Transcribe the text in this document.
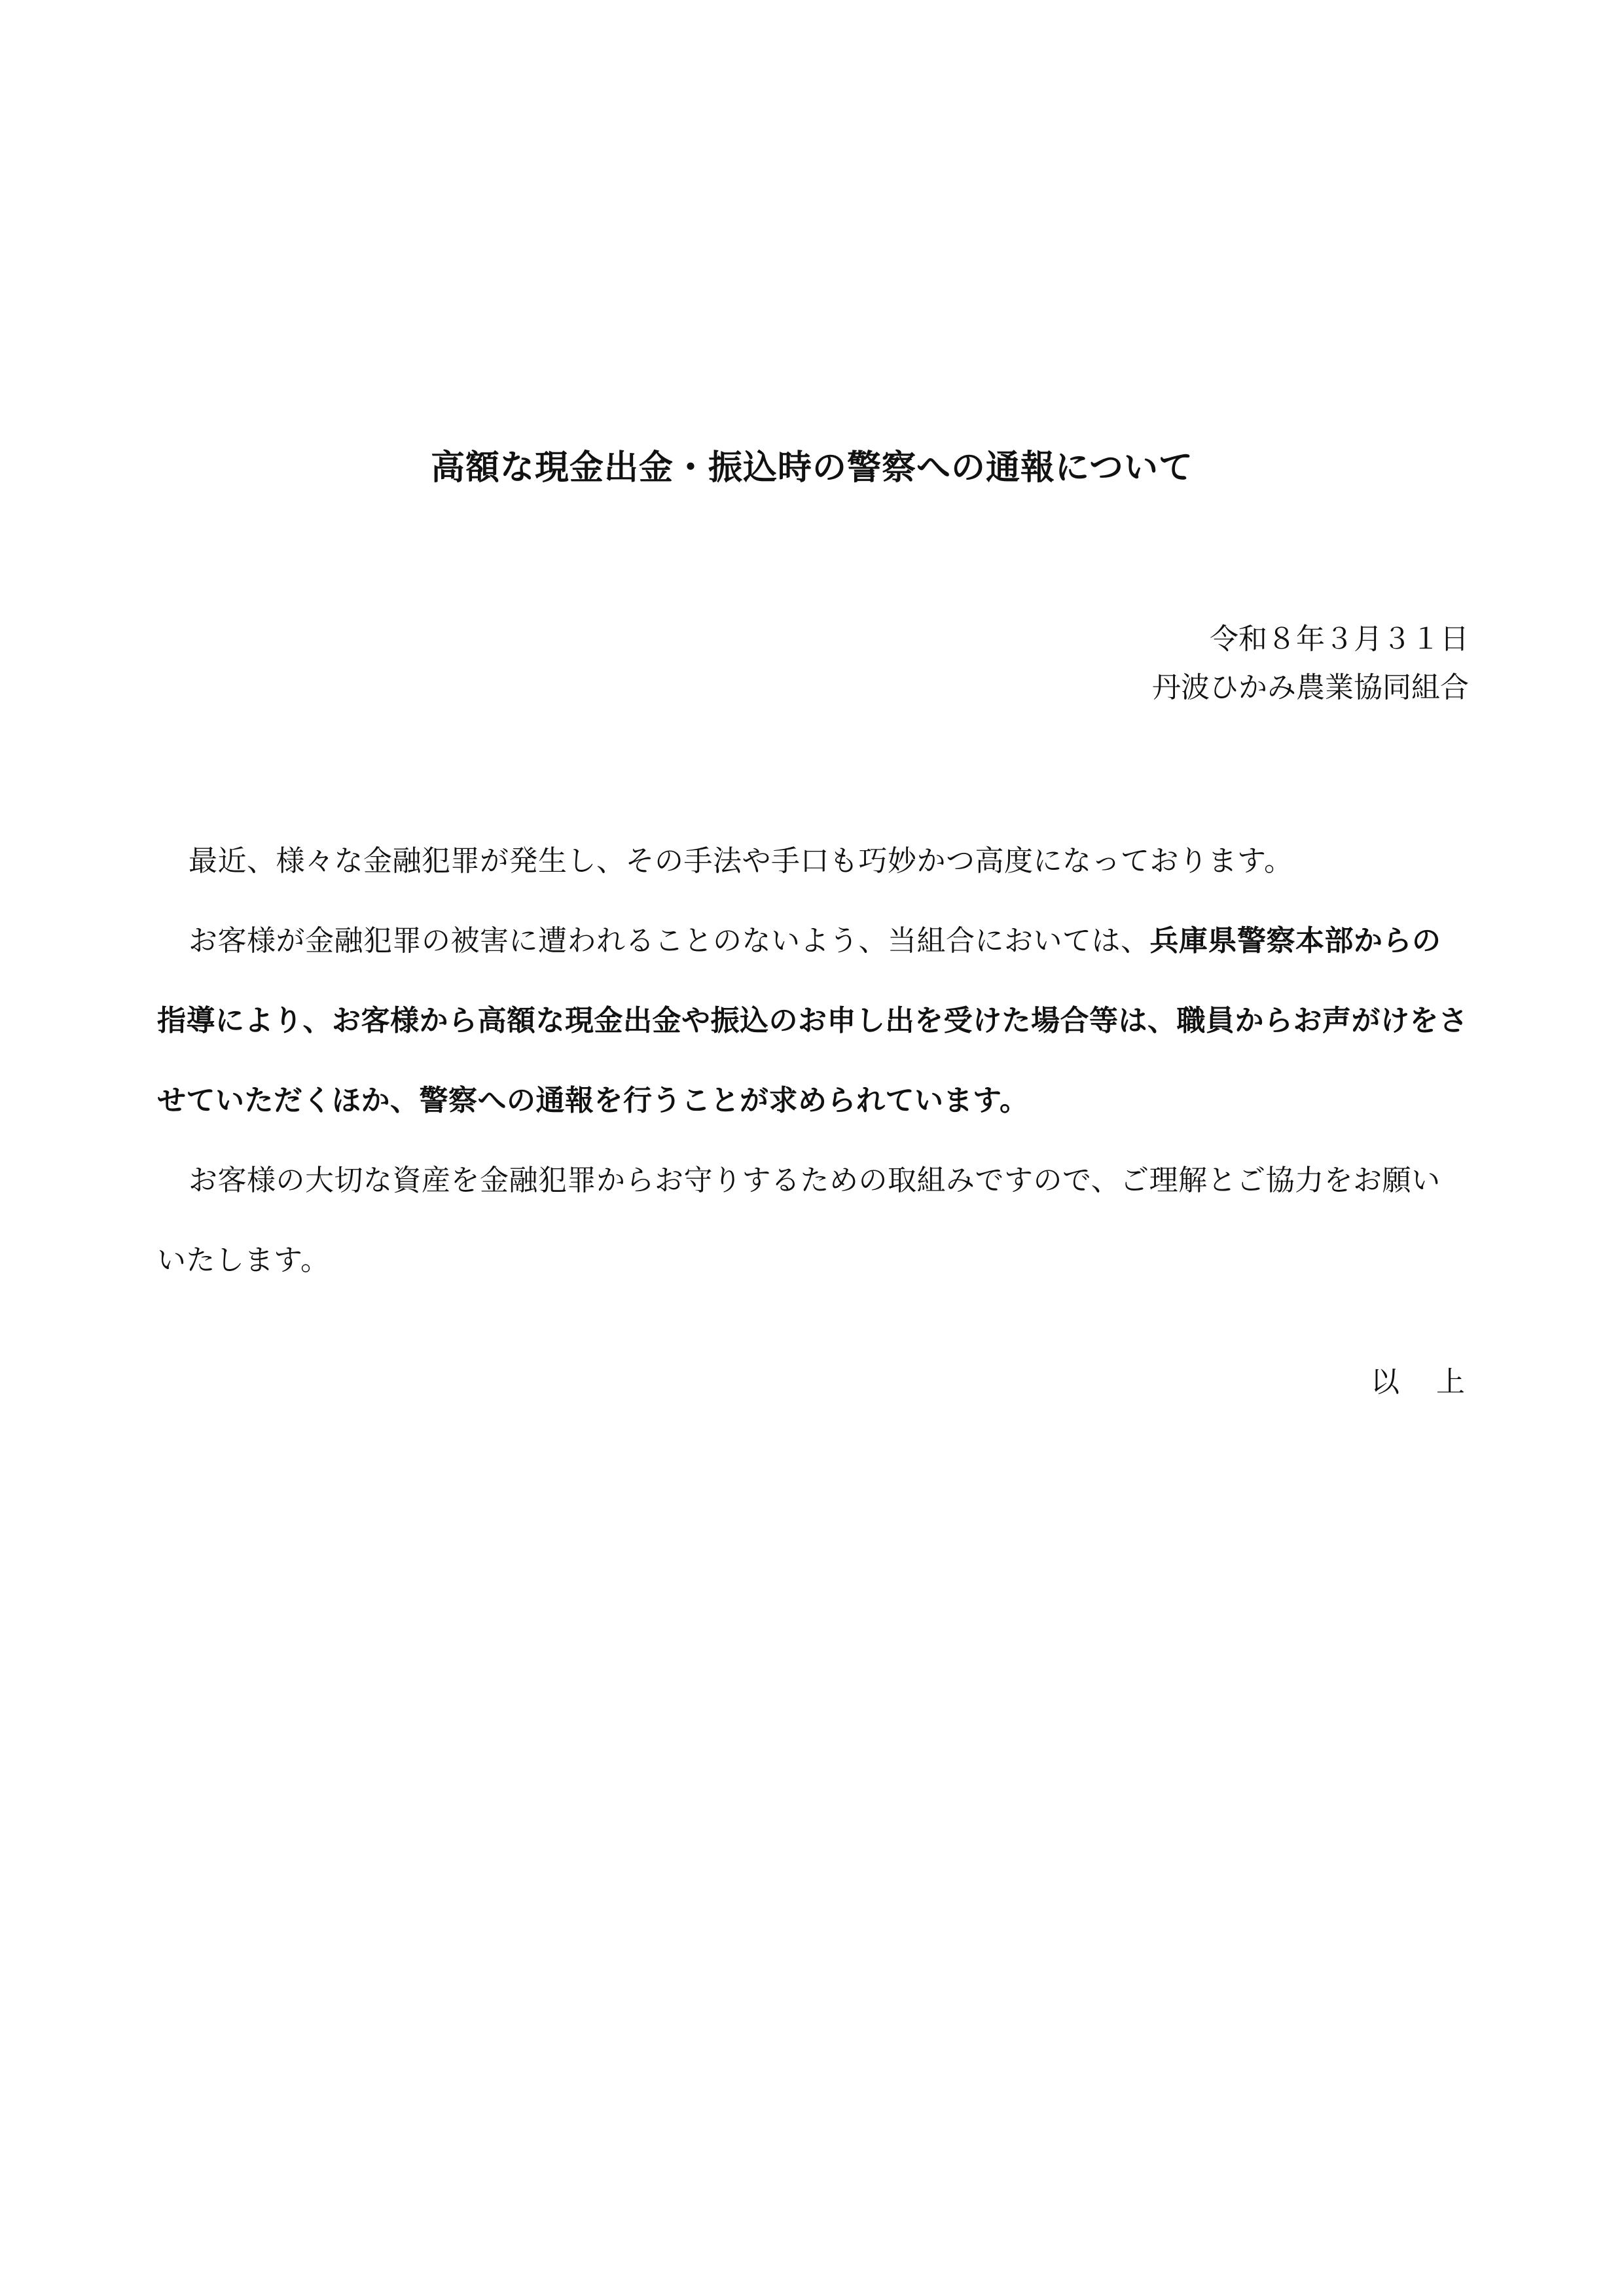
高額な現金出金・振込時の警察への通報について
令和８年３月３１日
丹波ひかみ農業協同組合

最近、様々な金融犯罪が発生し、その手法や手口も巧妙かつ高度になっております。

お客様が金融犯罪の被害に遭われることのないよう、当組合においては、兵庫県警察本部からの指導により、お客様から高額な現金出金や振込のお申し出を受けた場合等は、職員からお声がけをさせていただくほか、警察への通報を行うことが求められています。

お客様の大切な資産を金融犯罪からお守りするための取組みですので、ご理解とご協力をお願いいたします。

以　上
